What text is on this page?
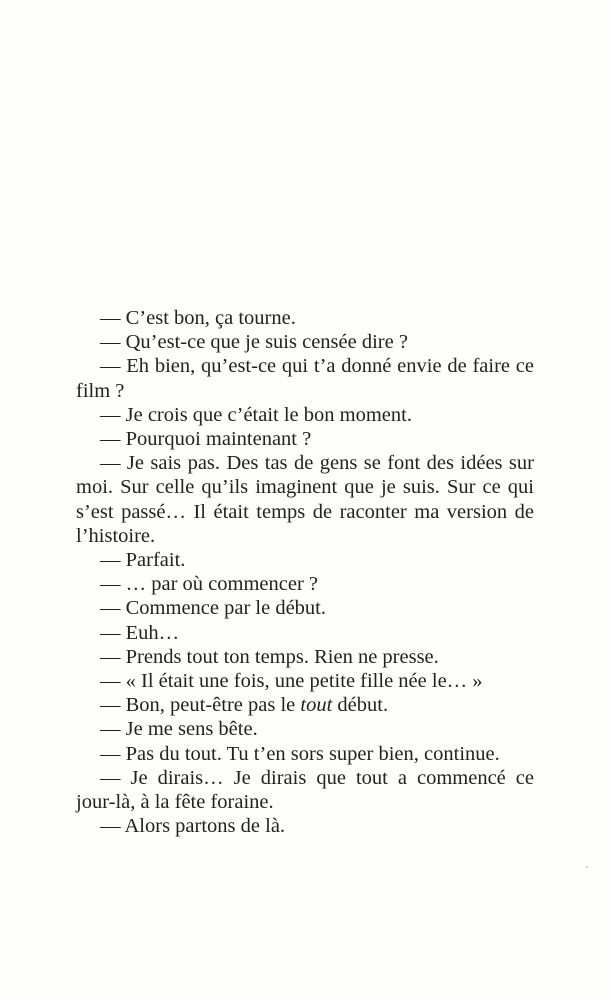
— C’est bon, ça tourne.

— Qu’est-ce que je suis censée dire ?

— Eh bien, qu’est-ce qui t’a donné envie de faire ce film ?

— Je crois que c’était le bon moment.

— Pourquoi maintenant ?

— Je sais pas. Des tas de gens se font des idées sur moi. Sur celle qu’ils imaginent que je suis. Sur ce qui s’est passé… Il était temps de raconter ma version de l’histoire.

— Parfait.

— … par où commencer ?

— Commence par le début.

— Euh…

— Prends tout ton temps. Rien ne presse.

— « Il était une fois, une petite fille née le… »

— Bon, peut-être pas le tout début.

— Je me sens bête.

— Pas du tout. Tu t’en sors super bien, continue.

— Je dirais… Je dirais que tout a commencé ce jour-là, à la fête foraine.

— Alors partons de là.
